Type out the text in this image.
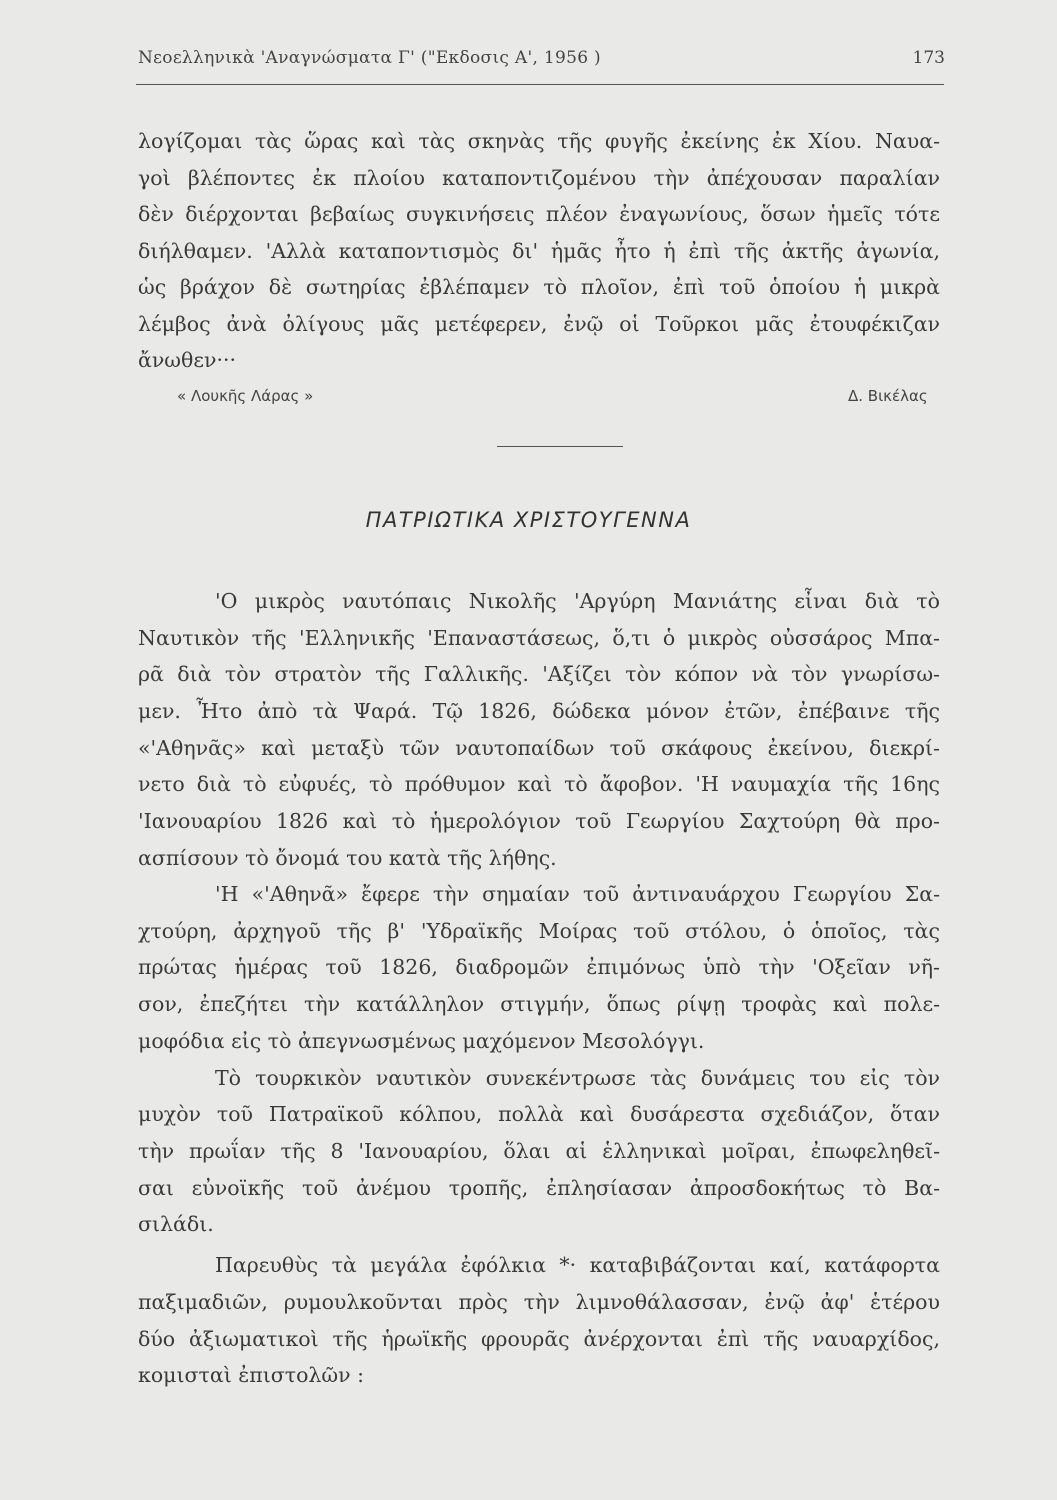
Νεοελληνικὰ 'Αναγνώσματα Γ' ("Εκδοσις Α', 1956 )	173
λογίζομαι τὰς ὥρας καὶ τὰς σκηνὰς τῆς φυγῆς ἐκείνης ἐκ Χίου. Ναυα-
γοὶ βλέποντες ἐκ πλοίου καταποντιζομένου τὴν ἀπέχουσαν παραλίαν
δὲν διέρχονται βεβαίως συγκινήσεις πλέον ἐναγωνίους, ὅσων ἡμεῖς τότε
διήλθαμεν. 'Αλλὰ καταποντισμὸς δι' ἡμᾶς ἦτο ἡ ἐπὶ τῆς ἀκτῆς ἀγωνία,
ὡς βράχον δὲ σωτηρίας ἐβλέπαμεν τὸ πλοῖον, ἐπὶ τοῦ ὁποίου ἡ μικρὰ
λέμβος ἀνὰ ὀλίγους μᾶς μετέφερεν, ἐνῷ οἱ Τοῦρκοι μᾶς ἐτουφέκιζαν
ἄνωθεν···
« Λουκῆς Λάρας »	Δ. Βικέλας
ΠΑΤΡΙΩΤΙΚΑ ΧΡΙΣΤΟΥΓΕΝΝΑ
'Ο μικρὸς ναυτόπαις Νικολῆς 'Αργύρη Μανιάτης εἶναι διὰ τὸ
Ναυτικὸν τῆς 'Ελληνικῆς 'Επαναστάσεως, ὅ,τι ὁ μικρὸς οὐσσάρος Μπα-
ρᾶ διὰ τὸν στρατὸν τῆς Γαλλικῆς. 'Αξίζει τὸν κόπον νὰ τὸν γνωρίσω-
μεν. Ἦτο ἀπὸ τὰ Ψαρά. Τῷ 1826, δώδεκα μόνον ἐτῶν, ἐπέβαινε τῆς
«'Αθηνᾶς» καὶ μεταξὺ τῶν ναυτοπαίδων τοῦ σκάφους ἐκείνου, διεκρί-
νετο διὰ τὸ εὐφυές, τὸ πρόθυμον καὶ τὸ ἄφοβον. 'Η ναυμαχία τῆς 16ης
'Ιανουαρίου 1826 καὶ τὸ ἡμερολόγιον τοῦ Γεωργίου Σαχτούρη θὰ προ-
ασπίσουν τὸ ὄνομά του κατὰ τῆς λήθης.
'Η «'Αθηνᾶ» ἔφερε τὴν σημαίαν τοῦ ἀντιναυάρχου Γεωργίου Σα-
χτούρη, ἀρχηγοῦ τῆς β' 'Υδραϊκῆς Μοίρας τοῦ στόλου, ὁ ὁποῖος, τὰς
πρώτας ἡμέρας τοῦ 1826, διαδρομῶν ἐπιμόνως ὑπὸ τὴν 'Οξεῖαν νῆ-
σον, ἐπεζήτει τὴν κατάλληλον στιγμήν, ὅπως ρίψῃ τροφὰς καὶ πολε-
μοφόδια εἰς τὸ ἀπεγνωσμένως μαχόμενον Μεσολόγγι.
Τὸ τουρκικὸν ναυτικὸν συνεκέντρωσε τὰς δυνάμεις του εἰς τὸν
μυχὸν τοῦ Πατραϊκοῦ κόλπου, πολλὰ καὶ δυσάρεστα σχεδιάζον, ὅταν
τὴν πρωΐαν τῆς 8 'Ιανουαρίου, ὅλαι αἱ ἑλληνικαὶ μοῖραι, ἐπωφεληθεῖ-
σαι εὐνοϊκῆς τοῦ ἀνέμου τροπῆς, ἐπλησίασαν ἀπροσδοκήτως τὸ Βα-
σιλάδι.
Παρευθὺς τὰ μεγάλα ἐφόλκια *· καταβιβάζονται καί, κατάφορτα
παξιμαδιῶν, ρυμουλκοῦνται πρὸς τὴν λιμνοθάλασσαν, ἐνῷ ἀφ' ἑτέρου
δύο ἀξιωματικοὶ τῆς ἡρωϊκῆς φρουρᾶς ἀνέρχονται ἐπὶ τῆς ναυαρχίδος,
κομισταὶ ἐπιστολῶν :
